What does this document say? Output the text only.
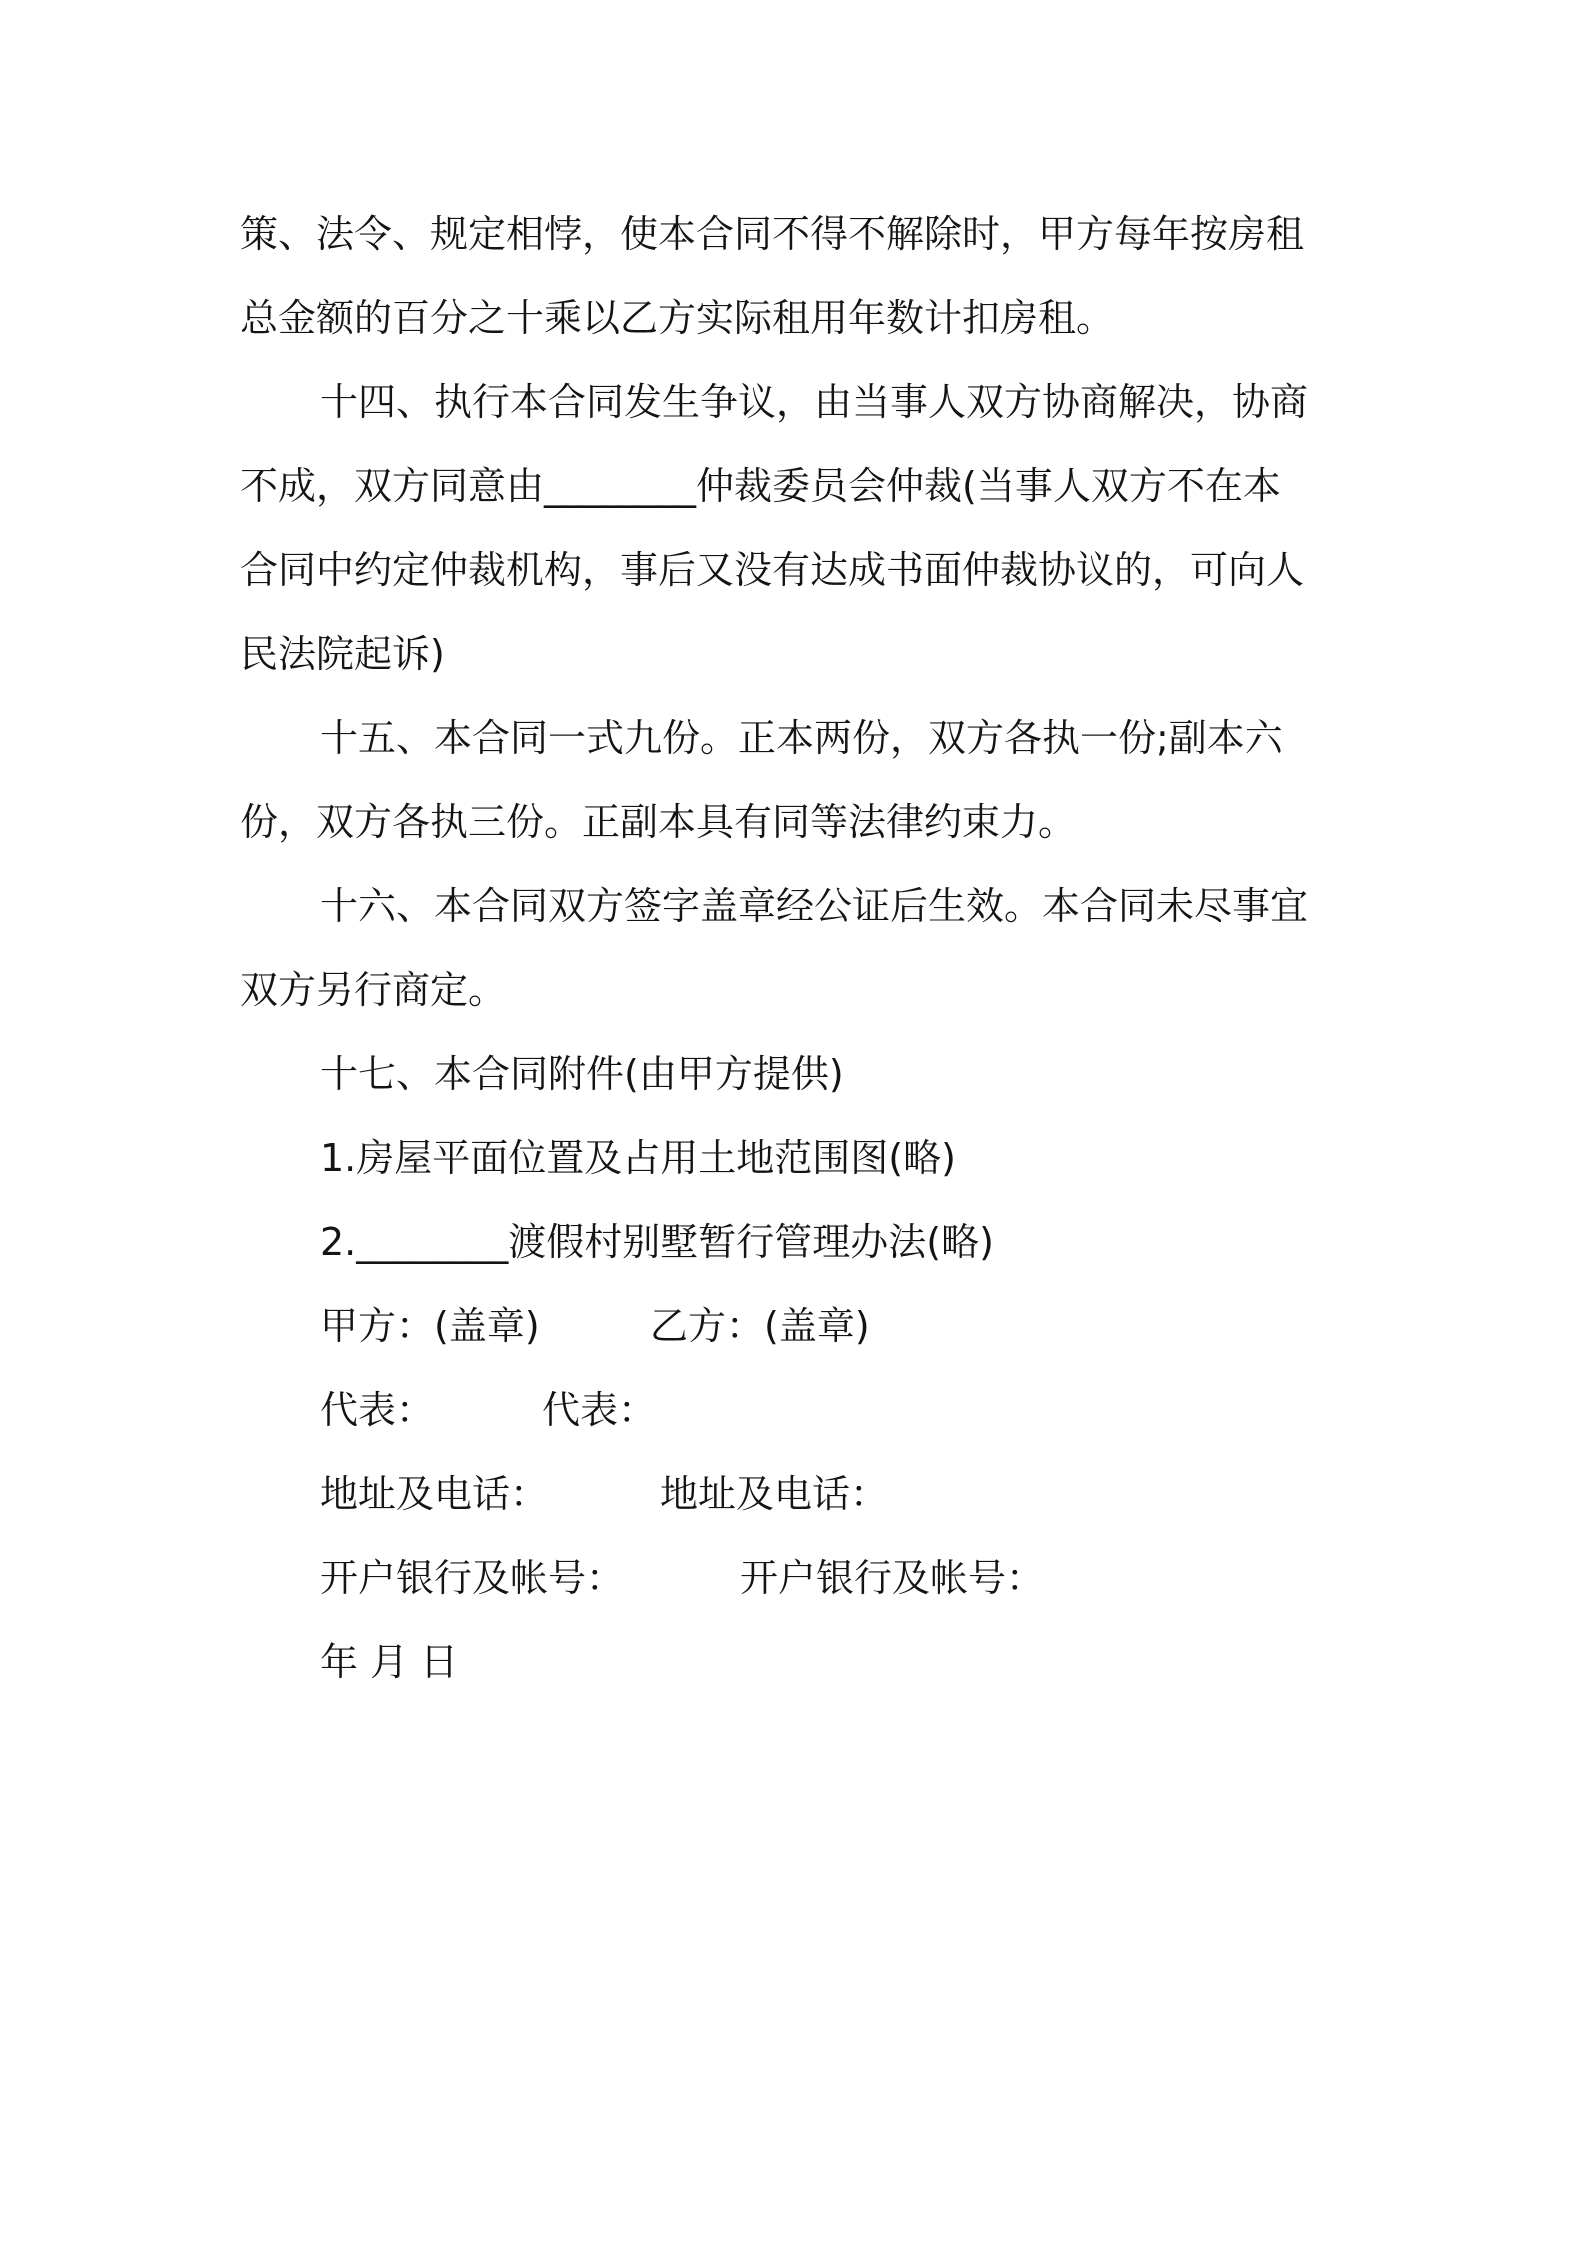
策、法令、规定相悖，使本合同不得不解除时，甲方每年按房租
总金额的百分之十乘以乙方实际租用年数计扣房租。
十四、执行本合同发生争议，由当事人双方协商解决，协商
不成，双方同意由________仲裁委员会仲裁(当事人双方不在本
合同中约定仲裁机构，事后又没有达成书面仲裁协议的，可向人
民法院起诉)
十五、本合同一式九份。正本两份，双方各执一份;副本六
份，双方各执三份。正副本具有同等法律约束力。
十六、本合同双方签字盖章经公证后生效。本合同未尽事宜
双方另行商定。
十七、本合同附件(由甲方提供)
1.房屋平面位置及占用土地范围图(略)
2.________渡假村别墅暂行管理办法(略)
甲方：(盖章)	乙方：(盖章)
代表：	代表：
地址及电话：	地址及电话：
开户银行及帐号：	开户银行及帐号：
年 月 日
